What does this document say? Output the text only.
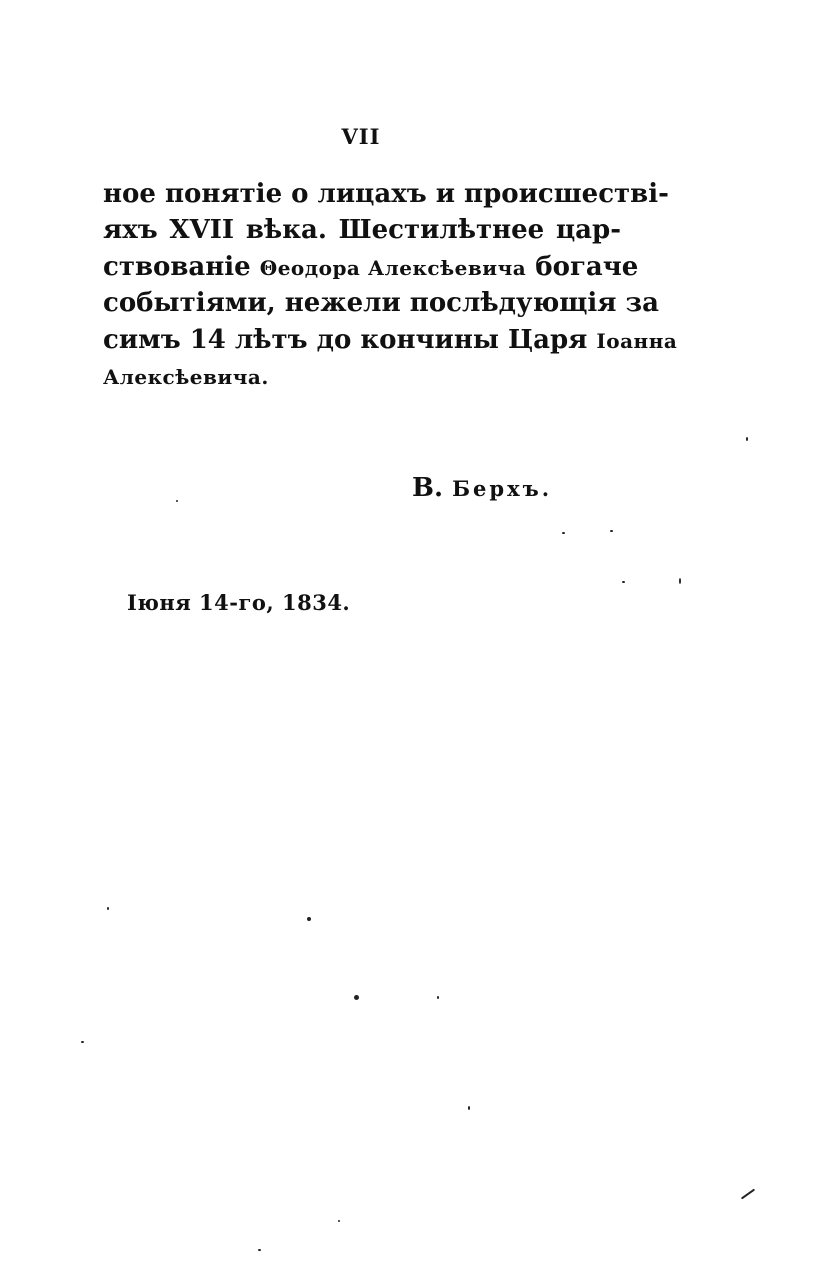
VII
ное понятіе о лицахъ и происшествi-
яхъ XVII вѣка. Шестилѣтнее цар-
ствованіе Θеодора Алексѣевича богаче
событіями, нежели послѣдующія за
симъ 14 лѣтъ до кончины Царя Іоанна
Алексѣевича.
В. Берхъ.
Іюня 14-го, 1834.
